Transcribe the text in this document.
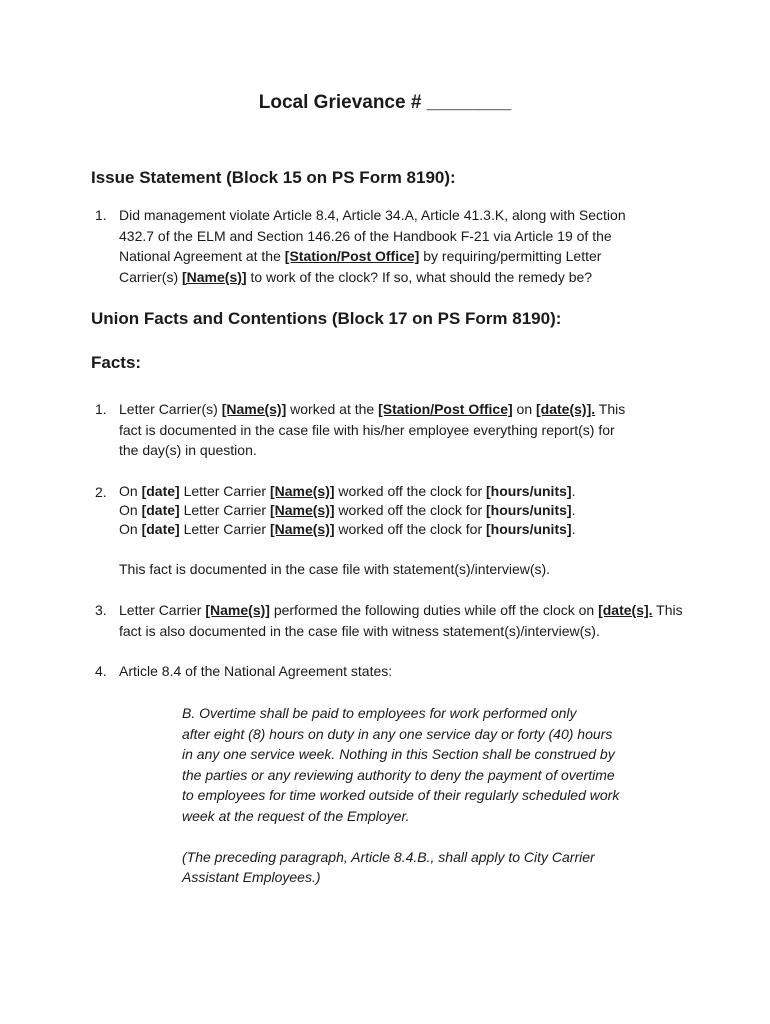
Local Grievance # ________
Issue Statement (Block 15 on PS Form 8190):
1. Did management violate Article 8.4, Article 34.A, Article 41.3.K, along with Section
432.7 of the ELM and Section 146.26 of the Handbook F-21 via Article 19 of the
National Agreement at the [Station/Post Office] by requiring/permitting Letter
Carrier(s) [Name(s)] to work of the clock? If so, what should the remedy be?
Union Facts and Contentions (Block 17 on PS Form 8190):
Facts:
1. Letter Carrier(s) [Name(s)] worked at the [Station/Post Office] on [date(s)]. This
fact is documented in the case file with his/her employee everything report(s) for
the day(s) in question.
2. On [date] Letter Carrier [Name(s)] worked off the clock for [hours/units].
On [date] Letter Carrier [Name(s)] worked off the clock for [hours/units].
On [date] Letter Carrier [Name(s)] worked off the clock for [hours/units].
This fact is documented in the case file with statement(s)/interview(s).
3. Letter Carrier [Name(s)] performed the following duties while off the clock on [date(s]. This
fact is also documented in the case file with witness statement(s)/interview(s).
4. Article 8.4 of the National Agreement states:
B. Overtime shall be paid to employees for work performed only
after eight (8) hours on duty in any one service day or forty (40) hours
in any one service week. Nothing in this Section shall be construed by
the parties or any reviewing authority to deny the payment of overtime
to employees for time worked outside of their regularly scheduled work
week at the request of the Employer.
(The preceding paragraph, Article 8.4.B., shall apply to City Carrier
Assistant Employees.)
